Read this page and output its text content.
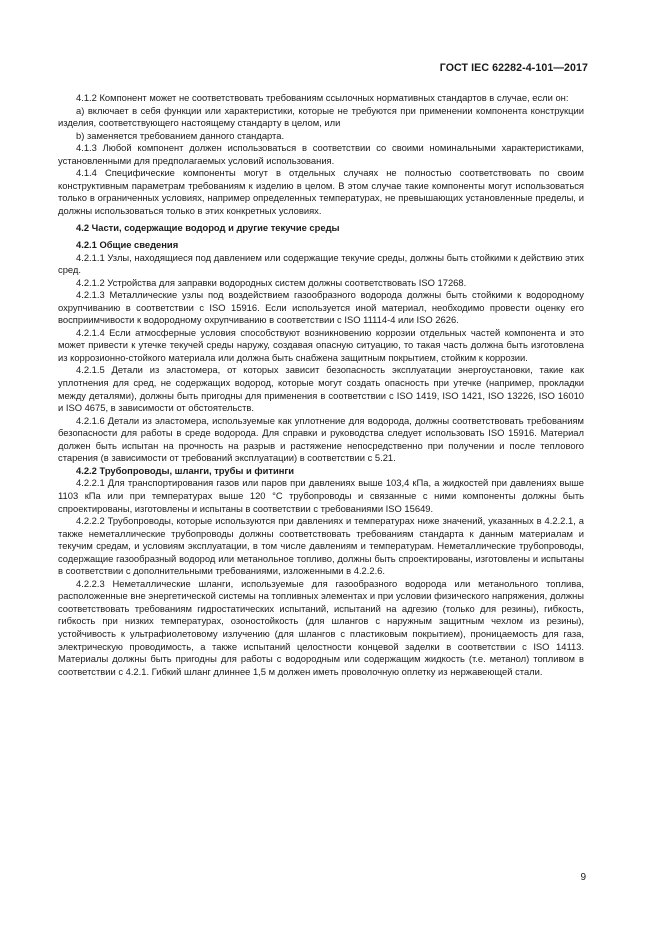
ГОСТ IEC 62282-4-101—2017

4.1.2 Компонент может не соответствовать требованиям ссылочных нормативных стандартов в случае, если он:

а) включает в себя функции или характеристики, которые не требуются при применении компонента конструкции изделия, соответствующего настоящему стандарту в целом, или

b) заменяется требованием данного стандарта.

4.1.3 Любой компонент должен использоваться в соответствии со своими номинальными характеристиками, установленными для предполагаемых условий использования.

4.1.4 Специфические компоненты могут в отдельных случаях не полностью соответствовать по своим конструктивным параметрам требованиям к изделию в целом. В этом случае такие компоненты могут использоваться только в ограниченных условиях, например определенных температурах, не превышающих установленные пределы, и должны использоваться только в этих конкретных условиях.

4.2 Части, содержащие водород и другие текучие среды

4.2.1 Общие сведения

4.2.1.1 Узлы, находящиеся под давлением или содержащие текучие среды, должны быть стойкими к действию этих сред.

4.2.1.2 Устройства для заправки водородных систем должны соответствовать ISO 17268.

4.2.1.3 Металлические узлы под воздействием газообразного водорода должны быть стойкими к водородному охрупчиванию в соответствии с ISO 15916. Если используется иной материал, необходимо провести оценку его восприимчивости к водородному охрупчиванию в соответствии с ISO 11114-4 или ISO 2626.

4.2.1.4 Если атмосферные условия способствуют возникновению коррозии отдельных частей компонента и это может привести к утечке текучей среды наружу, создавая опасную ситуацию, то такая часть должна быть изготовлена из коррозионно-стойкого материала или должна быть снабжена защитным покрытием, стойким к коррозии.

4.2.1.5 Детали из эластомера, от которых зависит безопасность эксплуатации энергоустановки, такие как уплотнения для сред, не содержащих водород, которые могут создать опасность при утечке (например, прокладки между деталями), должны быть пригодны для применения в соответствии с ISO 1419, ISO 1421, ISO 13226, ISO 16010 и ISO 4675, в зависимости от обстоятельств.

4.2.1.6 Детали из эластомера, используемые как уплотнение для водорода, должны соответствовать требованиям безопасности для работы в среде водорода. Для справки и руководства следует использовать ISO 15916. Материал должен быть испытан на прочность на разрыв и растяжение непосредственно при получении и после теплового старения (в зависимости от требований эксплуатации) в соответствии с 5.21.

4.2.2 Трубопроводы, шланги, трубы и фитинги

4.2.2.1 Для транспортирования газов или паров при давлениях выше 103,4 кПа, а жидкостей при давлениях выше 1103 кПа или при температурах выше 120 °С трубопроводы и связанные с ними компоненты должны быть спроектированы, изготовлены и испытаны в соответствии с требованиями ISO 15649.

4.2.2.2 Трубопроводы, которые используются при давлениях и температурах ниже значений, указанных в 4.2.2.1, а также неметаллические трубопроводы должны соответствовать требованиям стандарта к данным материалам и текучим средам, и условиям эксплуатации, в том числе давлениям и температурам. Неметаллические трубопроводы, содержащие газообразный водород или метанольное топливо, должны быть спроектированы, изготовлены и испытаны в соответствии с дополнительными требованиями, изложенными в 4.2.2.6.

4.2.2.3 Неметаллические шланги, используемые для газообразного водорода или метанольного топлива, расположенные вне энергетической системы на топливных элементах и при условии физического напряжения, должны соответствовать требованиям гидростатических испытаний, испытаний на адгезию (только для резины), гибкость, гибкость при низких температурах, озоностойкость (для шлангов с наружным защитным чехлом из резины), устойчивость к ультрафиолетовому излучению (для шлангов с пластиковым покрытием), проницаемость для газа, электрическую проводимость, а также испытаний целостности концевой заделки в соответствии с ISO 14113. Материалы должны быть пригодны для работы с водородным или содержащим жидкость (т.е. метанол) топливом в соответствии с 4.2.1. Гибкий шланг длиннее 1,5 м должен иметь проволочную оплетку из нержавеющей стали.

9
